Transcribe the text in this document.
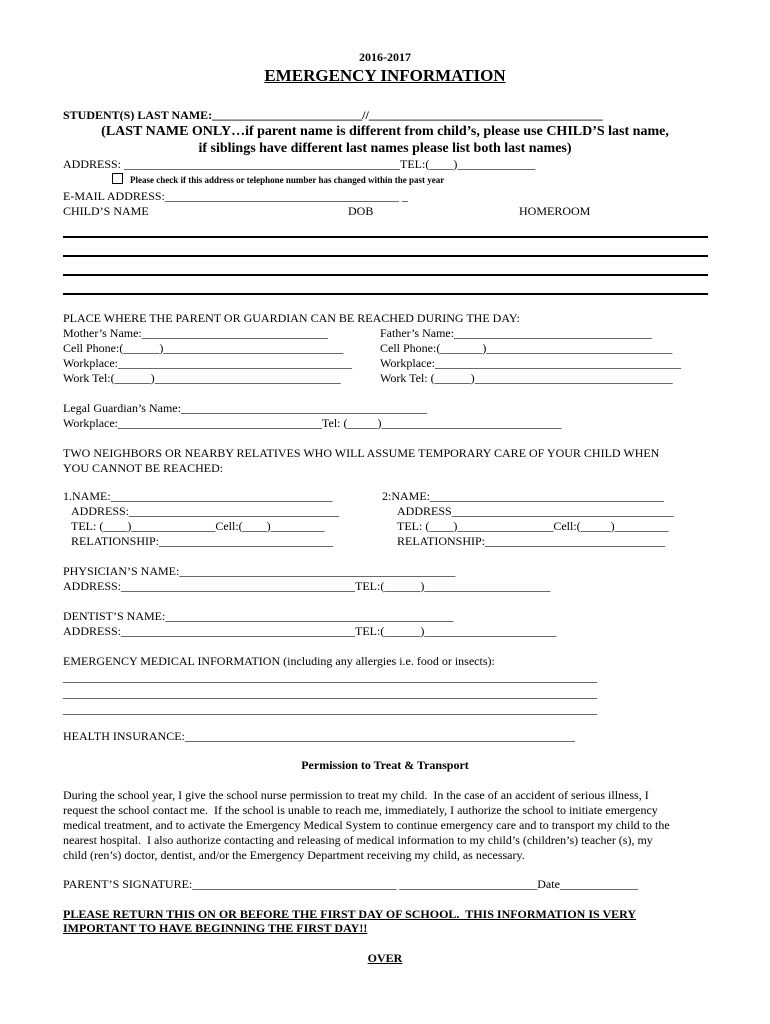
2016-2017
EMERGENCY INFORMATION
STUDENT(S) LAST NAME:_________________________//_______________________________________
(LAST NAME ONLY…if parent name is different from child’s, please use CHILD’S last name,
if siblings have different last names please list both last names)
ADDRESS: ______________________________________________TEL:(____)_____________
Please check if this address or telephone number has changed within the past year
E-MAIL ADDRESS:_______________________________________ _
CHILD’S NAME	DOB	HOMEROOM
PLACE WHERE THE PARENT OR GUARDIAN CAN BE REACHED DURING THE DAY:
Mother’s Name:_______________________________
Cell Phone:(______)______________________________
Workplace:_______________________________________
Work Tel:(______)_______________________________
Father’s Name:_________________________________
Cell Phone:(_______)_______________________________
Workplace:_________________________________________
Work Tel: (______)_________________________________
Legal Guardian’s Name:_________________________________________
Workplace:__________________________________Tel: (_____)______________________________
TWO NEIGHBORS OR NEARBY RELATIVES WHO WILL ASSUME TEMPORARY CARE OF YOUR CHILD WHEN
YOU CANNOT BE REACHED:
1.NAME:_____________________________________
ADDRESS:___________________________________
TEL: (____)______________Cell:(____)_________
RELATIONSHIP:_____________________________
2:NAME:_______________________________________
ADDRESS_____________________________________
TEL: (____)________________Cell:(_____)_________
RELATIONSHIP:______________________________
PHYSICIAN’S NAME:______________________________________________
ADDRESS:_______________________________________TEL:(______)_____________________
DENTIST’S NAME:________________________________________________
ADDRESS:_______________________________________TEL:(______)______________________
EMERGENCY MEDICAL INFORMATION (including any allergies i.e. food or insects):
_________________________________________________________________________________________
_________________________________________________________________________________________
_________________________________________________________________________________________
HEALTH INSURANCE:_________________________________________________________________
Permission to Treat & Transport
During the school year, I give the school nurse permission to treat my child.  In the case of an accident of serious illness, I
request the school contact me.  If the school is unable to reach me, immediately, I authorize the school to initiate emergency
medical treatment, and to activate the Emergency Medical System to continue emergency care and to transport my child to the
nearest hospital.  I also authorize contacting and releasing of medical information to my child’s (children’s) teacher (s), my
child (ren’s) doctor, dentist, and/or the Emergency Department receiving my child, as necessary.
PARENT’S SIGNATURE:__________________________________ _______________________Date_____________
PLEASE RETURN THIS ON OR BEFORE THE FIRST DAY OF SCHOOL.  THIS INFORMATION IS VERY
IMPORTANT TO HAVE BEGINNING THE FIRST DAY!!
OVER
